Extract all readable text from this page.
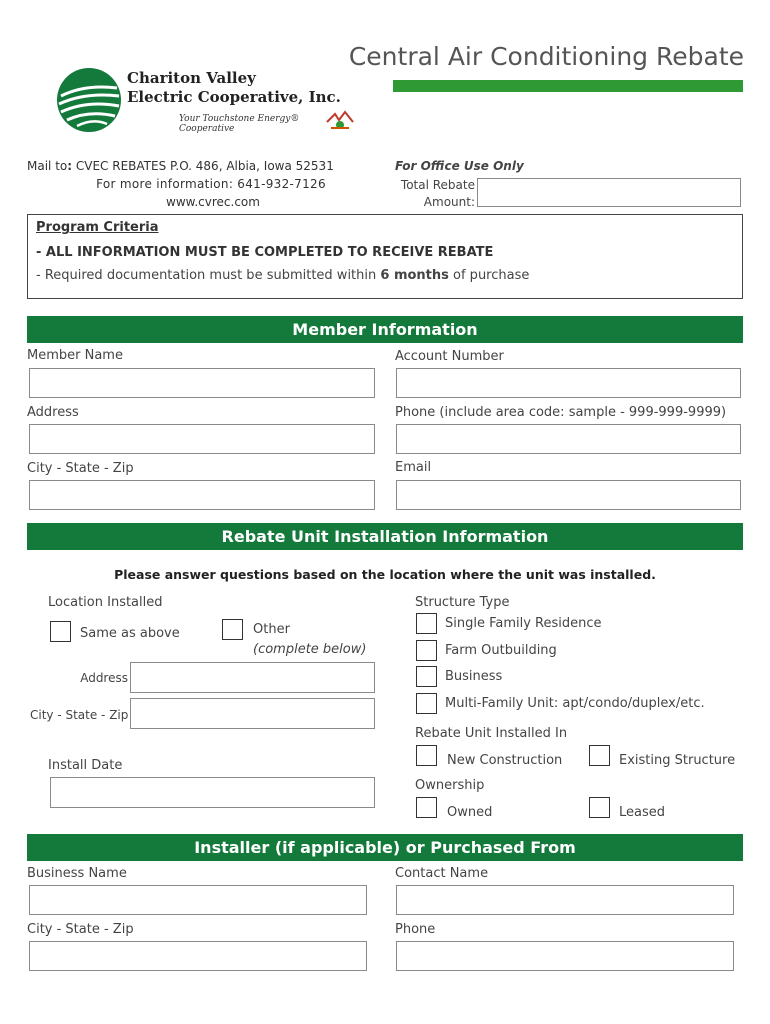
Chariton Valley
Electric Cooperative, Inc.
Your Touchstone Energy® Cooperative
Central Air Conditioning Rebate
Mail to: CVEC REBATES P.O. 486, Albia, Iowa 52531
For more information: 641-932-7126
www.cvrec.com
For Office Use Only
Total Rebate
Amount:
Program Criteria
- ALL INFORMATION MUST BE COMPLETED TO RECEIVE REBATE
- Required documentation must be submitted within 6 months of purchase
Member Information
Member Name	Account Number
Address	Phone (include area code: sample - 999-999-9999)
City - State - Zip	Email
Rebate Unit Installation Information
Please answer questions based on the location where the unit was installed.
Location Installed
Same as above	Other
(complete below)
Address
City - State - Zip
Install Date
Structure Type
Single Family Residence
Farm Outbuilding
Business
Multi-Family Unit: apt/condo/duplex/etc.
Rebate Unit Installed In
New Construction	Existing Structure
Ownership
Owned	Leased
Installer (if applicable) or Purchased From
Business Name	Contact Name
City - State - Zip	Phone
